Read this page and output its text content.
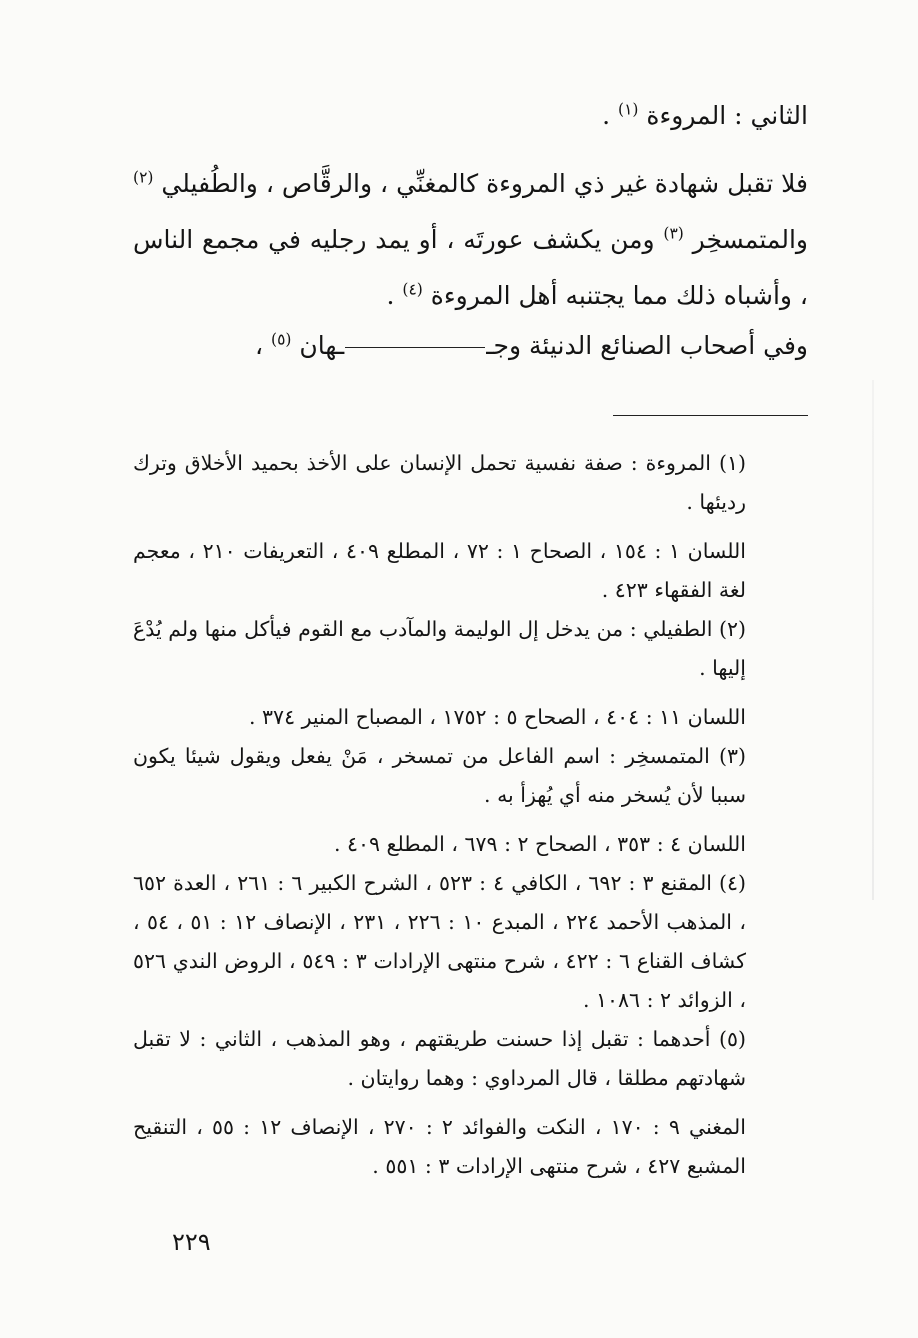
الثاني : المروءة $^{(١)}$ .
فلا تقبل شهادة غير ذي المروءة كالمغنِّي ، والرقَّاص ، والطُفيلي $^{(٢)}$ والمتمسخِر $^{(٣)}$ ومن يكشف عورتَه ، أو يمد رجليه في مجمع الناس ، وأشباه ذلك مما يجتنبه أهل المروءة $^{(٤)}$ .
وفي أصحاب الصنائع الدنيئة وجــهان $^{(٥)}$ ،

(١) المروءة : صفة نفسية تحمل الإنسان على الأخذ بحميد الأخلاق وترك رديئها .

اللسان ١ : ١٥٤ ، الصحاح ١ : ٧٢ ، المطلع ٤٠٩ ، التعريفات ٢١٠ ، معجم لغة الفقهاء ٤٢٣ .

(٢) الطفيلي : من يدخل إل الوليمة والمآدب مع القوم فيأكل منها ولم يُدْعَ إليها .

اللسان ١١ : ٤٠٤ ، الصحاح ٥ : ١٧٥٢ ، المصباح المنير ٣٧٤ .

(٣) المتمسخِر : اسم الفاعل من تمسخر ، مَنْ يفعل ويقول شيئا يكون سببا لأن يُسخر منه أي يُهزأ به .

اللسان ٤ : ٣٥٣ ، الصحاح ٢ : ٦٧٩ ، المطلع ٤٠٩ .

(٤) المقنع ٣ : ٦٩٢ ، الكافي ٤ : ٥٢٣ ، الشرح الكبير ٦ : ٢٦١ ، العدة ٦٥٢ ، المذهب الأحمد ٢٢٤ ، المبدع ١٠ : ٢٢٦ ، ٢٣١ ، الإنصاف ١٢ : ٥١ ، ٥٤ ، كشاف القناع ٦ : ٤٢٢ ، شرح منتهى الإرادات ٣ : ٥٤٩ ، الروض الندي ٥٢٦ ، الزوائد ٢ : ١٠٨٦ .

(٥) أحدهما : تقبل إذا حسنت طريقتهم ، وهو المذهب ، الثاني : لا تقبل شهادتهم مطلقا ، قال المرداوي : وهما روايتان .

المغني ٩ : ١٧٠ ، النكت والفوائد ٢ : ٢٧٠ ، الإنصاف ١٢ : ٥٥ ، التنقيح المشبع ٤٢٧ ، شرح منتهى الإرادات ٣ : ٥٥١ .

٢٢٩
